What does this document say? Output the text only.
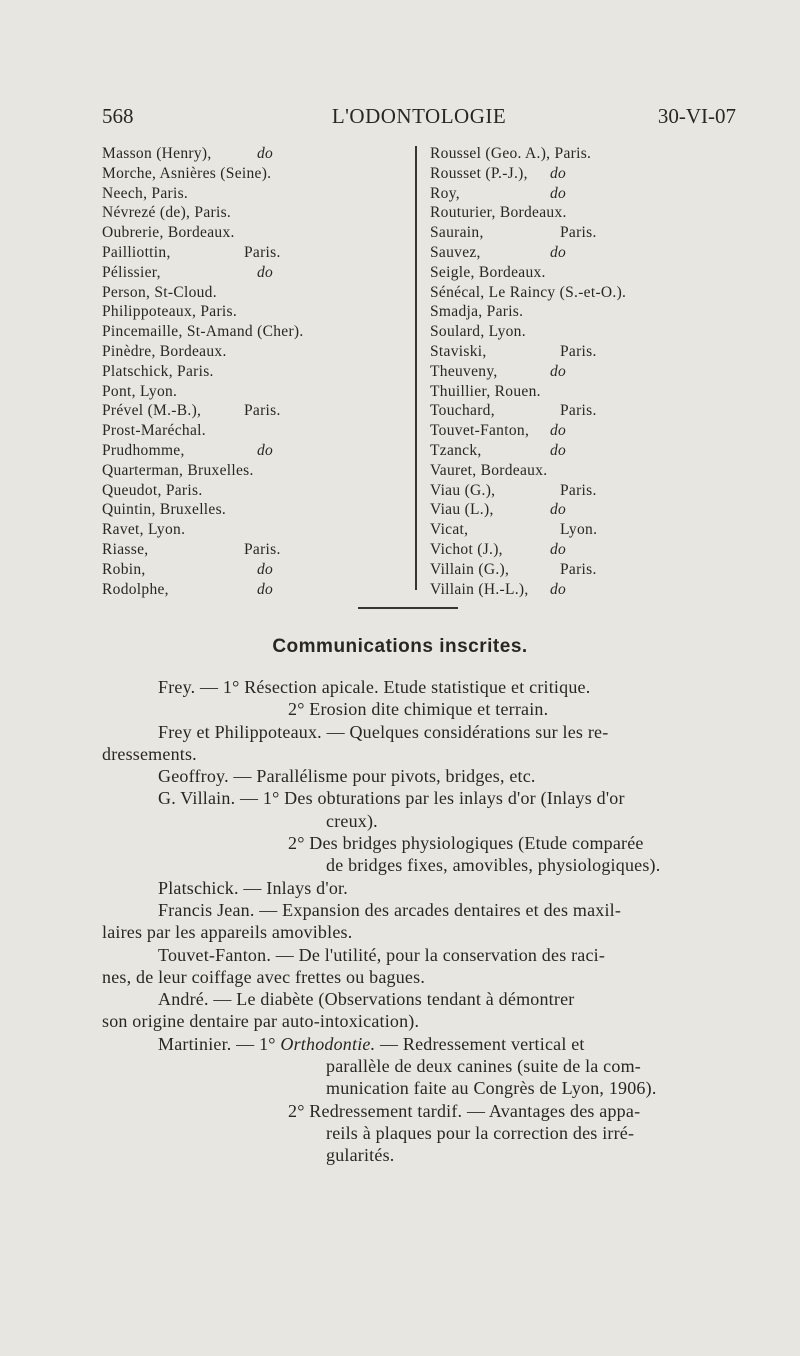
568	L'ODONTOLOGIE	30-VI-07
Masson (Henry),	do
Morche, Asnières (Seine).
Neech, Paris.
Névrezé (de), Paris.
Oubrerie, Bordeaux.
Pailliottin,	Paris.
Pélissier,	do
Person, St-Cloud.
Philippoteaux, Paris.
Pincemaille, St-Amand (Cher).
Pinèdre, Bordeaux.
Platschick, Paris.
Pont, Lyon.
Prével (M.-B.),	Paris.
Prost-Maréchal.
Prudhomme,	do
Quarterman, Bruxelles.
Queudot, Paris.
Quintin, Bruxelles.
Ravet, Lyon.
Riasse,	Paris.
Robin,	do
Rodolphe,	do
Roussel (Geo. A.), Paris.
Rousset (P.-J.), do
Roy,	do
Routurier, Bordeaux.
Saurain,	Paris.
Sauvez,	do
Seigle, Bordeaux.
Sénécal, Le Raincy (S.-et-O.).
Smadja, Paris.
Soulard, Lyon.
Staviski,	Paris.
Theuveny,	do
Thuillier, Rouen.
Touchard,	Paris.
Touvet-Fanton, do
Tzanck,	do
Vauret, Bordeaux.
Viau (G.),	Paris.
Viau (L.),	do
Vicat,	Lyon.
Vichot (J.),	do
Villain (G.),	Paris.
Villain (H.-L.), do
Communications inscrites.
Frey. — 1° Résection apicale. Etude statistique et critique.
2° Erosion dite chimique et terrain.
Frey et Philippoteaux. — Quelques considérations sur les re-
dressements.
Geoffroy. — Parallélisme pour pivots, bridges, etc.
G. Villain. — 1° Des obturations par les inlays d'or (Inlays d'or
creux).
2° Des bridges physiologiques (Etude comparée
de bridges fixes, amovibles, physiologiques).
Platschick. — Inlays d'or.
Francis Jean. — Expansion des arcades dentaires et des maxil-
laires par les appareils amovibles.
Touvet-Fanton. — De l'utilité, pour la conservation des raci-
nes, de leur coiffage avec frettes ou bagues.
André. — Le diabète (Observations tendant à démontrer
son origine dentaire par auto-intoxication).
Martinier. — 1° Orthodontie. — Redressement vertical et
parallèle de deux canines (suite de la com-
munication faite au Congrès de Lyon, 1906).
2° Redressement tardif. — Avantages des appa-
reils à plaques pour la correction des irré-
gularités.
